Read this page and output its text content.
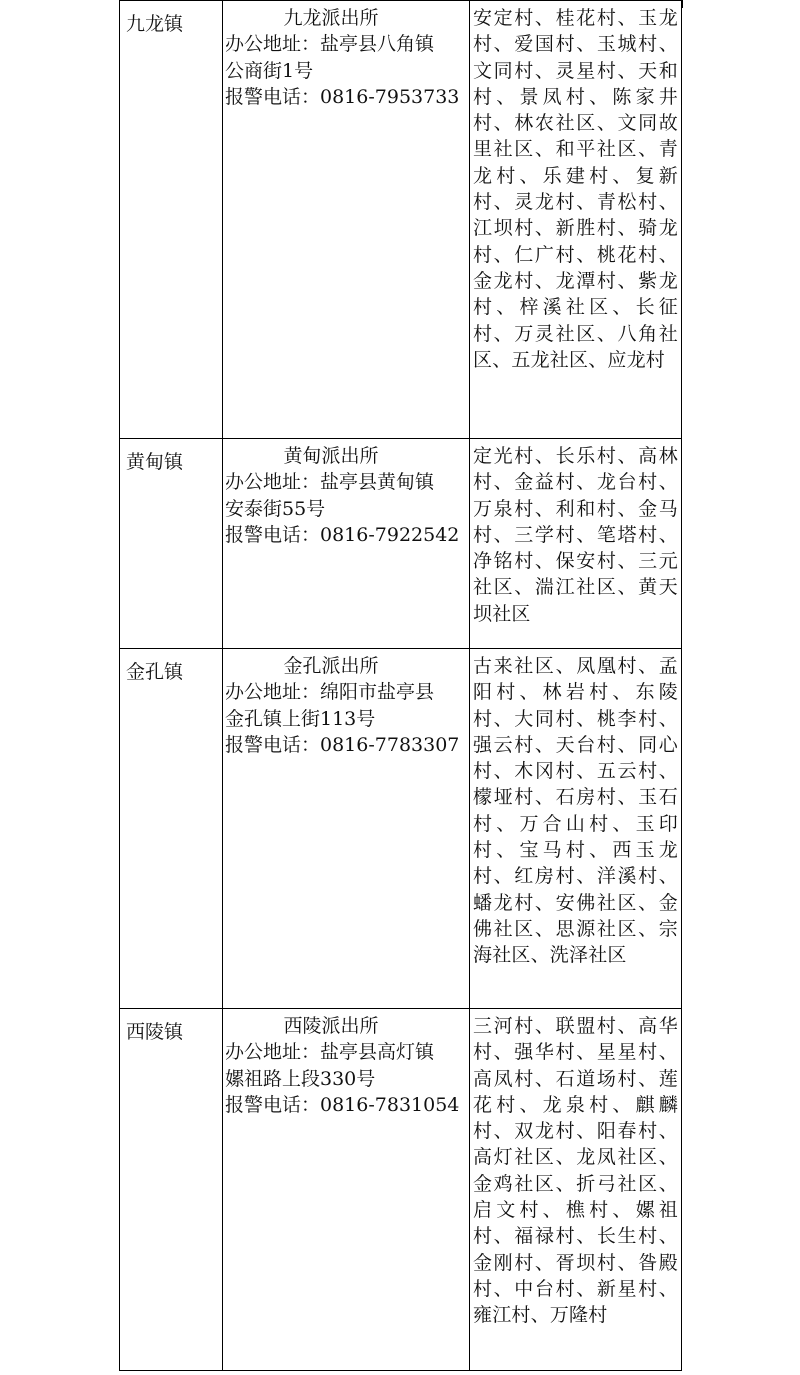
九龙镇	九龙派出所
办公地址：盐亭县八角镇
公商街1号
报警电话：0816-7953733	安定村、桂花村、玉龙村、爱国村、玉城村、文同村、灵星村、天和村、景凤村、陈家井村、林农社区、文同故里社区、和平社区、青龙村、乐建村、复新村、灵龙村、青松村、江坝村、新胜村、骑龙村、仁广村、桃花村、金龙村、龙潭村、紫龙村、梓溪社区、长征村、万灵社区、八角社区、五龙社区、应龙村

黄甸镇	黄甸派出所
办公地址：盐亭县黄甸镇
安泰街55号
报警电话：0816-7922542	定光村、长乐村、高林村、金益村、龙台村、万泉村、利和村、金马村、三学村、笔塔村、净铭村、保安村、三元社区、湍江社区、黄天坝社区

金孔镇	金孔派出所
办公地址：绵阳市盐亭县
金孔镇上街113号
报警电话：0816-7783307	古来社区、凤凰村、孟阳村、林岩村、东陵村、大同村、桃李村、强云村、天台村、同心村、木冈村、五云村、檬垭村、石房村、玉石村、万合山村、玉印村、宝马村、西玉龙村、红房村、洋溪村、蟠龙村、安佛社区、金佛社区、思源社区、宗海社区、洗泽社区

西陵镇	西陵派出所
办公地址：盐亭县高灯镇
嫘祖路上段330号
报警电话：0816-7831054	三河村、联盟村、高华村、强华村、星星村、高凤村、石道场村、莲花村、龙泉村、麒麟村、双龙村、阳春村、高灯社区、龙凤社区、金鸡社区、折弓社区、启文村、樵村、嫘祖村、福禄村、长生村、金刚村、胥坝村、昝殿村、中台村、新星村、雍江村、万隆村
